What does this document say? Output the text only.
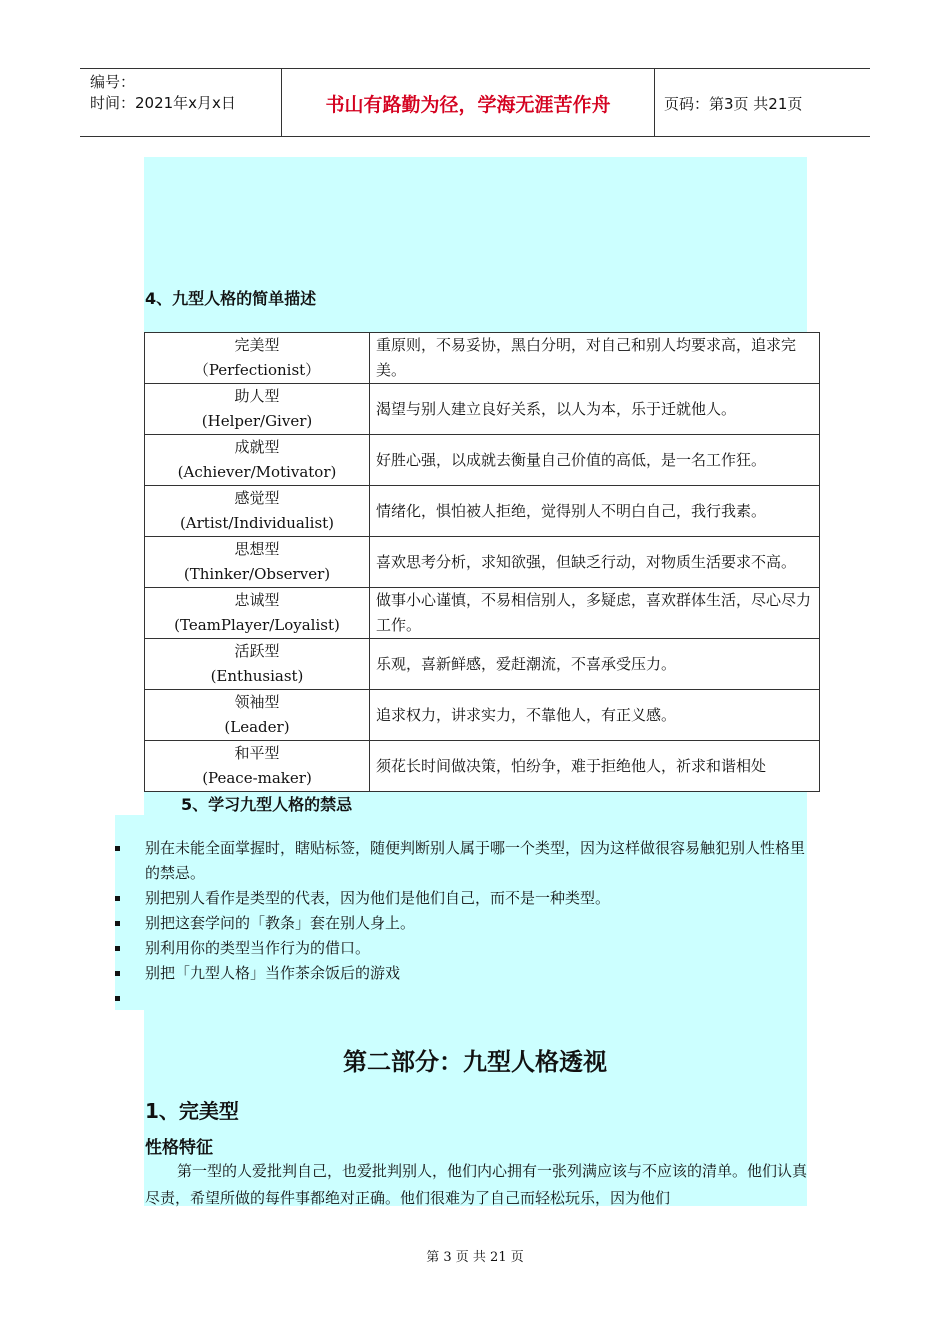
编号：
时间：2021年x月x日	书山有路勤为径，学海无涯苦作舟	页码：第3页 共21页
4、九型人格的简单描述
完美型
（Perfectionist）	重原则，不易妥协，黑白分明，对自己和别人均要求高，追求完美。

助人型
(Helper/Giver)	渴望与别人建立良好关系，以人为本，乐于迁就他人。

成就型
(Achiever/Motivator)	好胜心强，以成就去衡量自己价值的高低，是一名工作狂。

感觉型
(Artist/Individualist)	情绪化，惧怕被人拒绝，觉得别人不明白自己，我行我素。

思想型
(Thinker/Observer)	喜欢思考分析，求知欲强，但缺乏行动，对物质生活要求不高。

忠诚型
(TeamPlayer/Loyalist)	做事小心谨慎，不易相信别人，多疑虑，喜欢群体生活，尽心尽力工作。

活跃型
(Enthusiast)	乐观，喜新鲜感，爱赶潮流，不喜承受压力。

领袖型
(Leader)	追求权力，讲求实力，不靠他人，有正义感。

和平型
(Peace-maker)	须花长时间做决策，怕纷争，难于拒绝他人，祈求和谐相处
5、学习九型人格的禁忌
别在未能全面掌握时，瞎贴标签，随便判断别人属于哪一个类型，因为这样做很容易触犯别人性格里的禁忌。
别把别人看作是类型的代表，因为他们是他们自己，而不是一种类型。
别把这套学问的「教条」套在别人身上。
别利用你的类型当作行为的借口。
别把「九型人格」当作茶余饭后的游戏
第二部分：九型人格透视
1、完美型
性格特征
第一型的人爱批判自己，也爱批判别人，他们内心拥有一张列满应该与不应该的清单。他们认真尽责，希望所做的每件事都绝对正确。他们很难为了自己而轻松玩乐，因为他们
第 3 页 共 21 页
